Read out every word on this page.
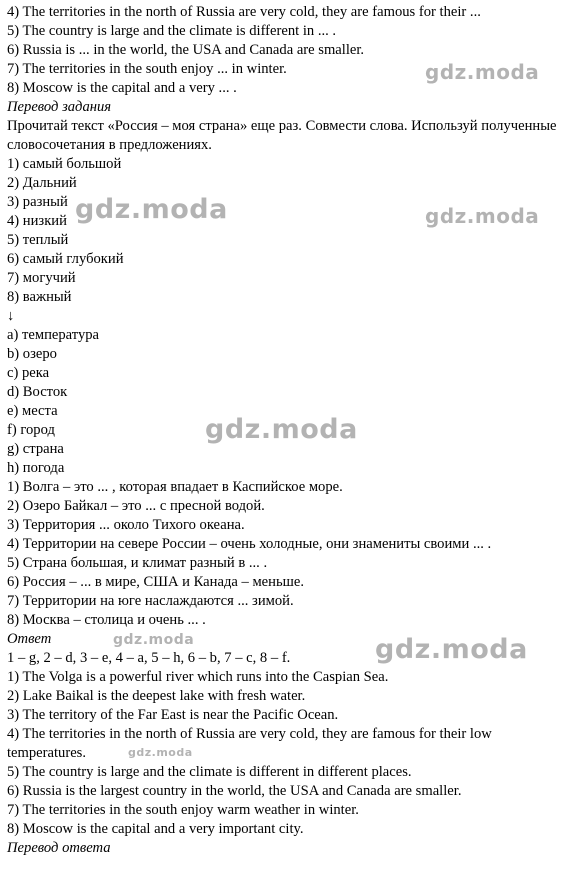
4) The territories in the north of Russia are very cold, they are famous for their ...
5) The country is large and the climate is different in ... .
6) Russia is ... in the world, the USA and Canada are smaller.
7) The territories in the south enjoy ... in winter.
8) Moscow is the capital and a very ... .
Перевод задания
Прочитай текст «Россия – моя страна» еще раз. Совмести слова. Используй полученные словосочетания в предложениях.
1) самый большой
2) Дальний
3) разный
4) низкий
5) теплый
6) самый глубокий
7) могучий
8) важный
↓
a) температура
b) озеро
c) река
d) Восток
e) места
f) город
g) страна
h) погода
1) Волга – это ... , которая впадает в Каспийское море.
2) Озеро Байкал – это ... с пресной водой.
3) Территория ... около Тихого океана.
4) Территории на севере России – очень холодные, они знамениты своими ... .
5) Страна большая, и климат разный в ... .
6) Россия – ... в мире, США и Канада – меньше.
7) Территории на юге наслаждаются ... зимой.
8) Москва – столица и очень ... .
Ответ
1 – g, 2 – d, 3 – e, 4 – a, 5 – h, 6 – b, 7 – c, 8 – f.
1) The Volga is a powerful river which runs into the Caspian Sea.
2) Lake Baikal is the deepest lake with fresh water.
3) The territory of the Far East is near the Pacific Ocean.
4) The territories in the north of Russia are very cold, they are famous for their low temperatures.
5) The country is large and the climate is different in different places.
6) Russia is the largest country in the world, the USA and Canada are smaller.
7) The territories in the south enjoy warm weather in winter.
8) Moscow is the capital and a very important city.
Перевод ответа
gdz.moda
gdz.moda	gdz.moda
gdz.moda
gdz.moda	gdz.moda
gdz.moda
